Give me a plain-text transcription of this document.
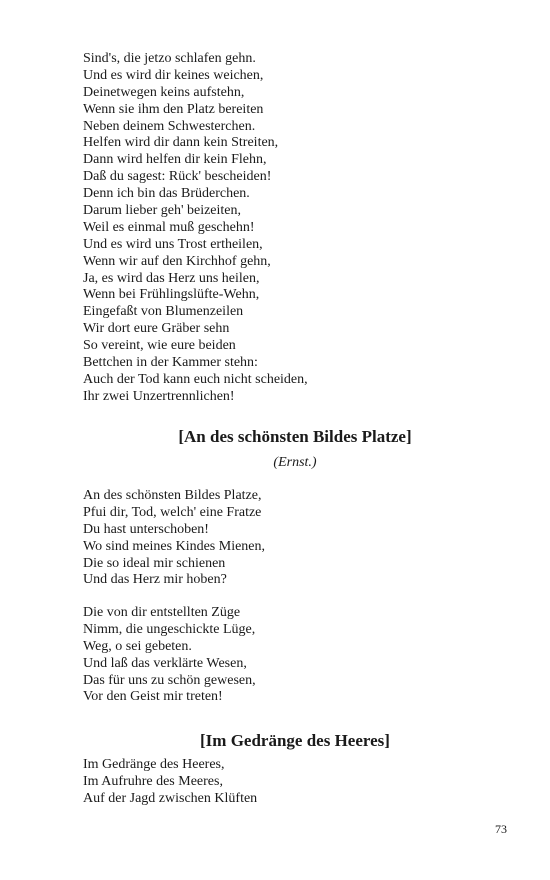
Sind's, die jetzo schlafen gehn.
Und es wird dir keines weichen,
Deinetwegen keins aufstehn,
Wenn sie ihm den Platz bereiten
Neben deinem Schwesterchen.
Helfen wird dir dann kein Streiten,
Dann wird helfen dir kein Flehn,
Daß du sagest: Rück' bescheiden!
Denn ich bin das Brüderchen.
Darum lieber geh' beizeiten,
Weil es einmal muß geschehn!
Und es wird uns Trost ertheilen,
Wenn wir auf den Kirchhof gehn,
Ja, es wird das Herz uns heilen,
Wenn bei Frühlingslüfte-Wehn,
Eingefaßt von Blumenzeilen
Wir dort eure Gräber sehn
So vereint, wie eure beiden
Bettchen in der Kammer stehn:
Auch der Tod kann euch nicht scheiden,
Ihr zwei Unzertrennlichen!
[An des schönsten Bildes Platze]
(Ernst.)
An des schönsten Bildes Platze,
Pfui dir, Tod, welch' eine Fratze
Du hast unterschoben!
Wo sind meines Kindes Mienen,
Die so ideal mir schienen
Und das Herz mir hoben?
Die von dir entstellten Züge
Nimm, die ungeschickte Lüge,
Weg, o sei gebeten.
Und laß das verklärte Wesen,
Das für uns zu schön gewesen,
Vor den Geist mir treten!
[Im Gedränge des Heeres]
Im Gedränge des Heeres,
Im Aufruhre des Meeres,
Auf der Jagd zwischen Klüften
73
